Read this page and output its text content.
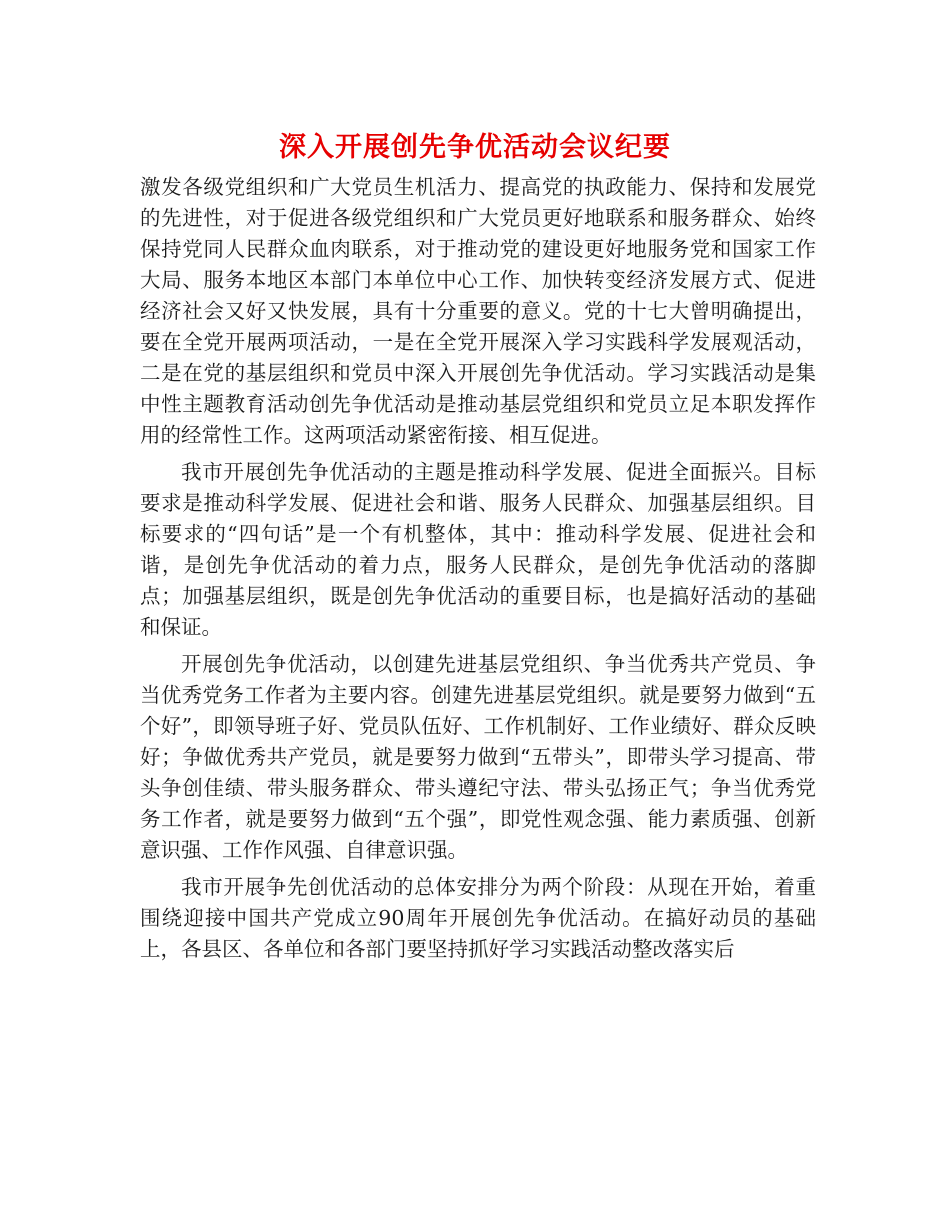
深入开展创先争优活动会议纪要

激发各级党组织和广大党员生机活力、提高党的执政能力、保持和发展党的先进性，对于促进各级党组织和广大党员更好地联系和服务群众、始终保持党同人民群众血肉联系，对于推动党的建设更好地服务党和国家工作大局、服务本地区本部门本单位中心工作、加快转变经济发展方式、促进经济社会又好又快发展，具有十分重要的意义。党的十七大曾明确提出，要在全党开展两项活动，一是在全党开展深入学习实践科学发展观活动，二是在党的基层组织和党员中深入开展创先争优活动。学习实践活动是集中性主题教育活动创先争优活动是推动基层党组织和党员立足本职发挥作用的经常性工作。这两项活动紧密衔接、相互促进。

我市开展创先争优活动的主题是推动科学发展、促进全面振兴。目标要求是推动科学发展、促进社会和谐、服务人民群众、加强基层组织。目标要求的“四句话”是一个有机整体，其中：推动科学发展、促进社会和谐，是创先争优活动的着力点，服务人民群众，是创先争优活动的落脚点；加强基层组织，既是创先争优活动的重要目标，也是搞好活动的基础和保证。

开展创先争优活动，以创建先进基层党组织、争当优秀共产党员、争当优秀党务工作者为主要内容。创建先进基层党组织。就是要努力做到“五个好”，即领导班子好、党员队伍好、工作机制好、工作业绩好、群众反映好；争做优秀共产党员，就是要努力做到“五带头”，即带头学习提高、带头争创佳绩、带头服务群众、带头遵纪守法、带头弘扬正气；争当优秀党务工作者，就是要努力做到“五个强”，即党性观念强、能力素质强、创新意识强、工作作风强、自律意识强。

我市开展争先创优活动的总体安排分为两个阶段：从现在开始，着重围绕迎接中国共产党成立90周年开展创先争优活动。在搞好动员的基础上，各县区、各单位和各部门要坚持抓好学习实践活动整改落实后
